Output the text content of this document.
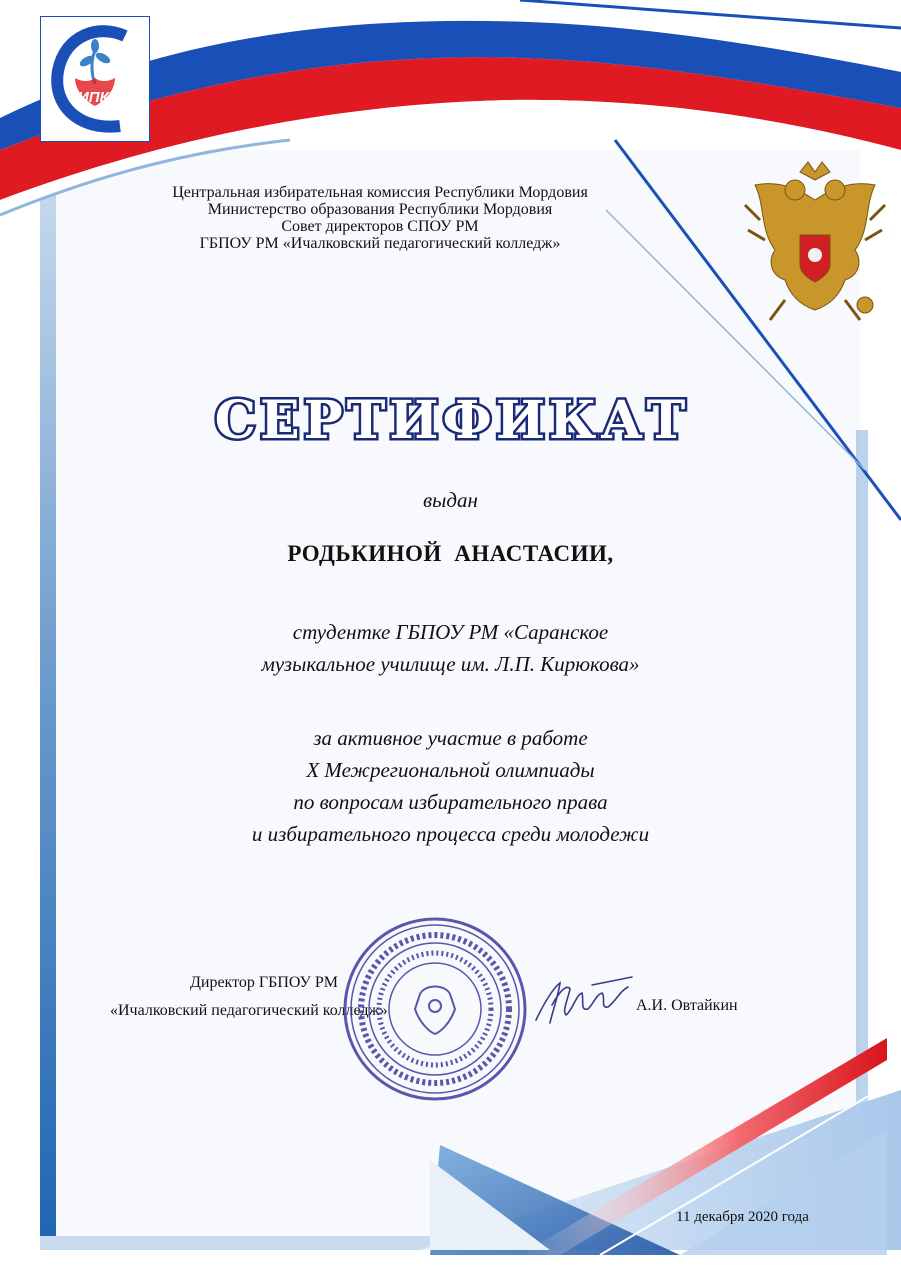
ИПК
Центральная избирательная комиссия Республики Мордовия
Министерство образования Республики Мордовия
Совет директоров СПОУ РМ
ГБПОУ РМ «Ичалковский педагогический колледж»
СЕРТИФИКАТ
выдан
РОДЬКИНОЙ  АНАСТАСИИ,
студентке ГБПОУ РМ «Саранское
музыкальное училище им. Л.П. Кирюкова»
за активное участие в работе
X Межрегиональной олимпиады
по вопросам избирательного права
и избирательного процесса среди молодежи
Директор ГБПОУ РМ
«Ичалковский педагогический колледж»	А.И. Овтайкин
11 декабря 2020 года
